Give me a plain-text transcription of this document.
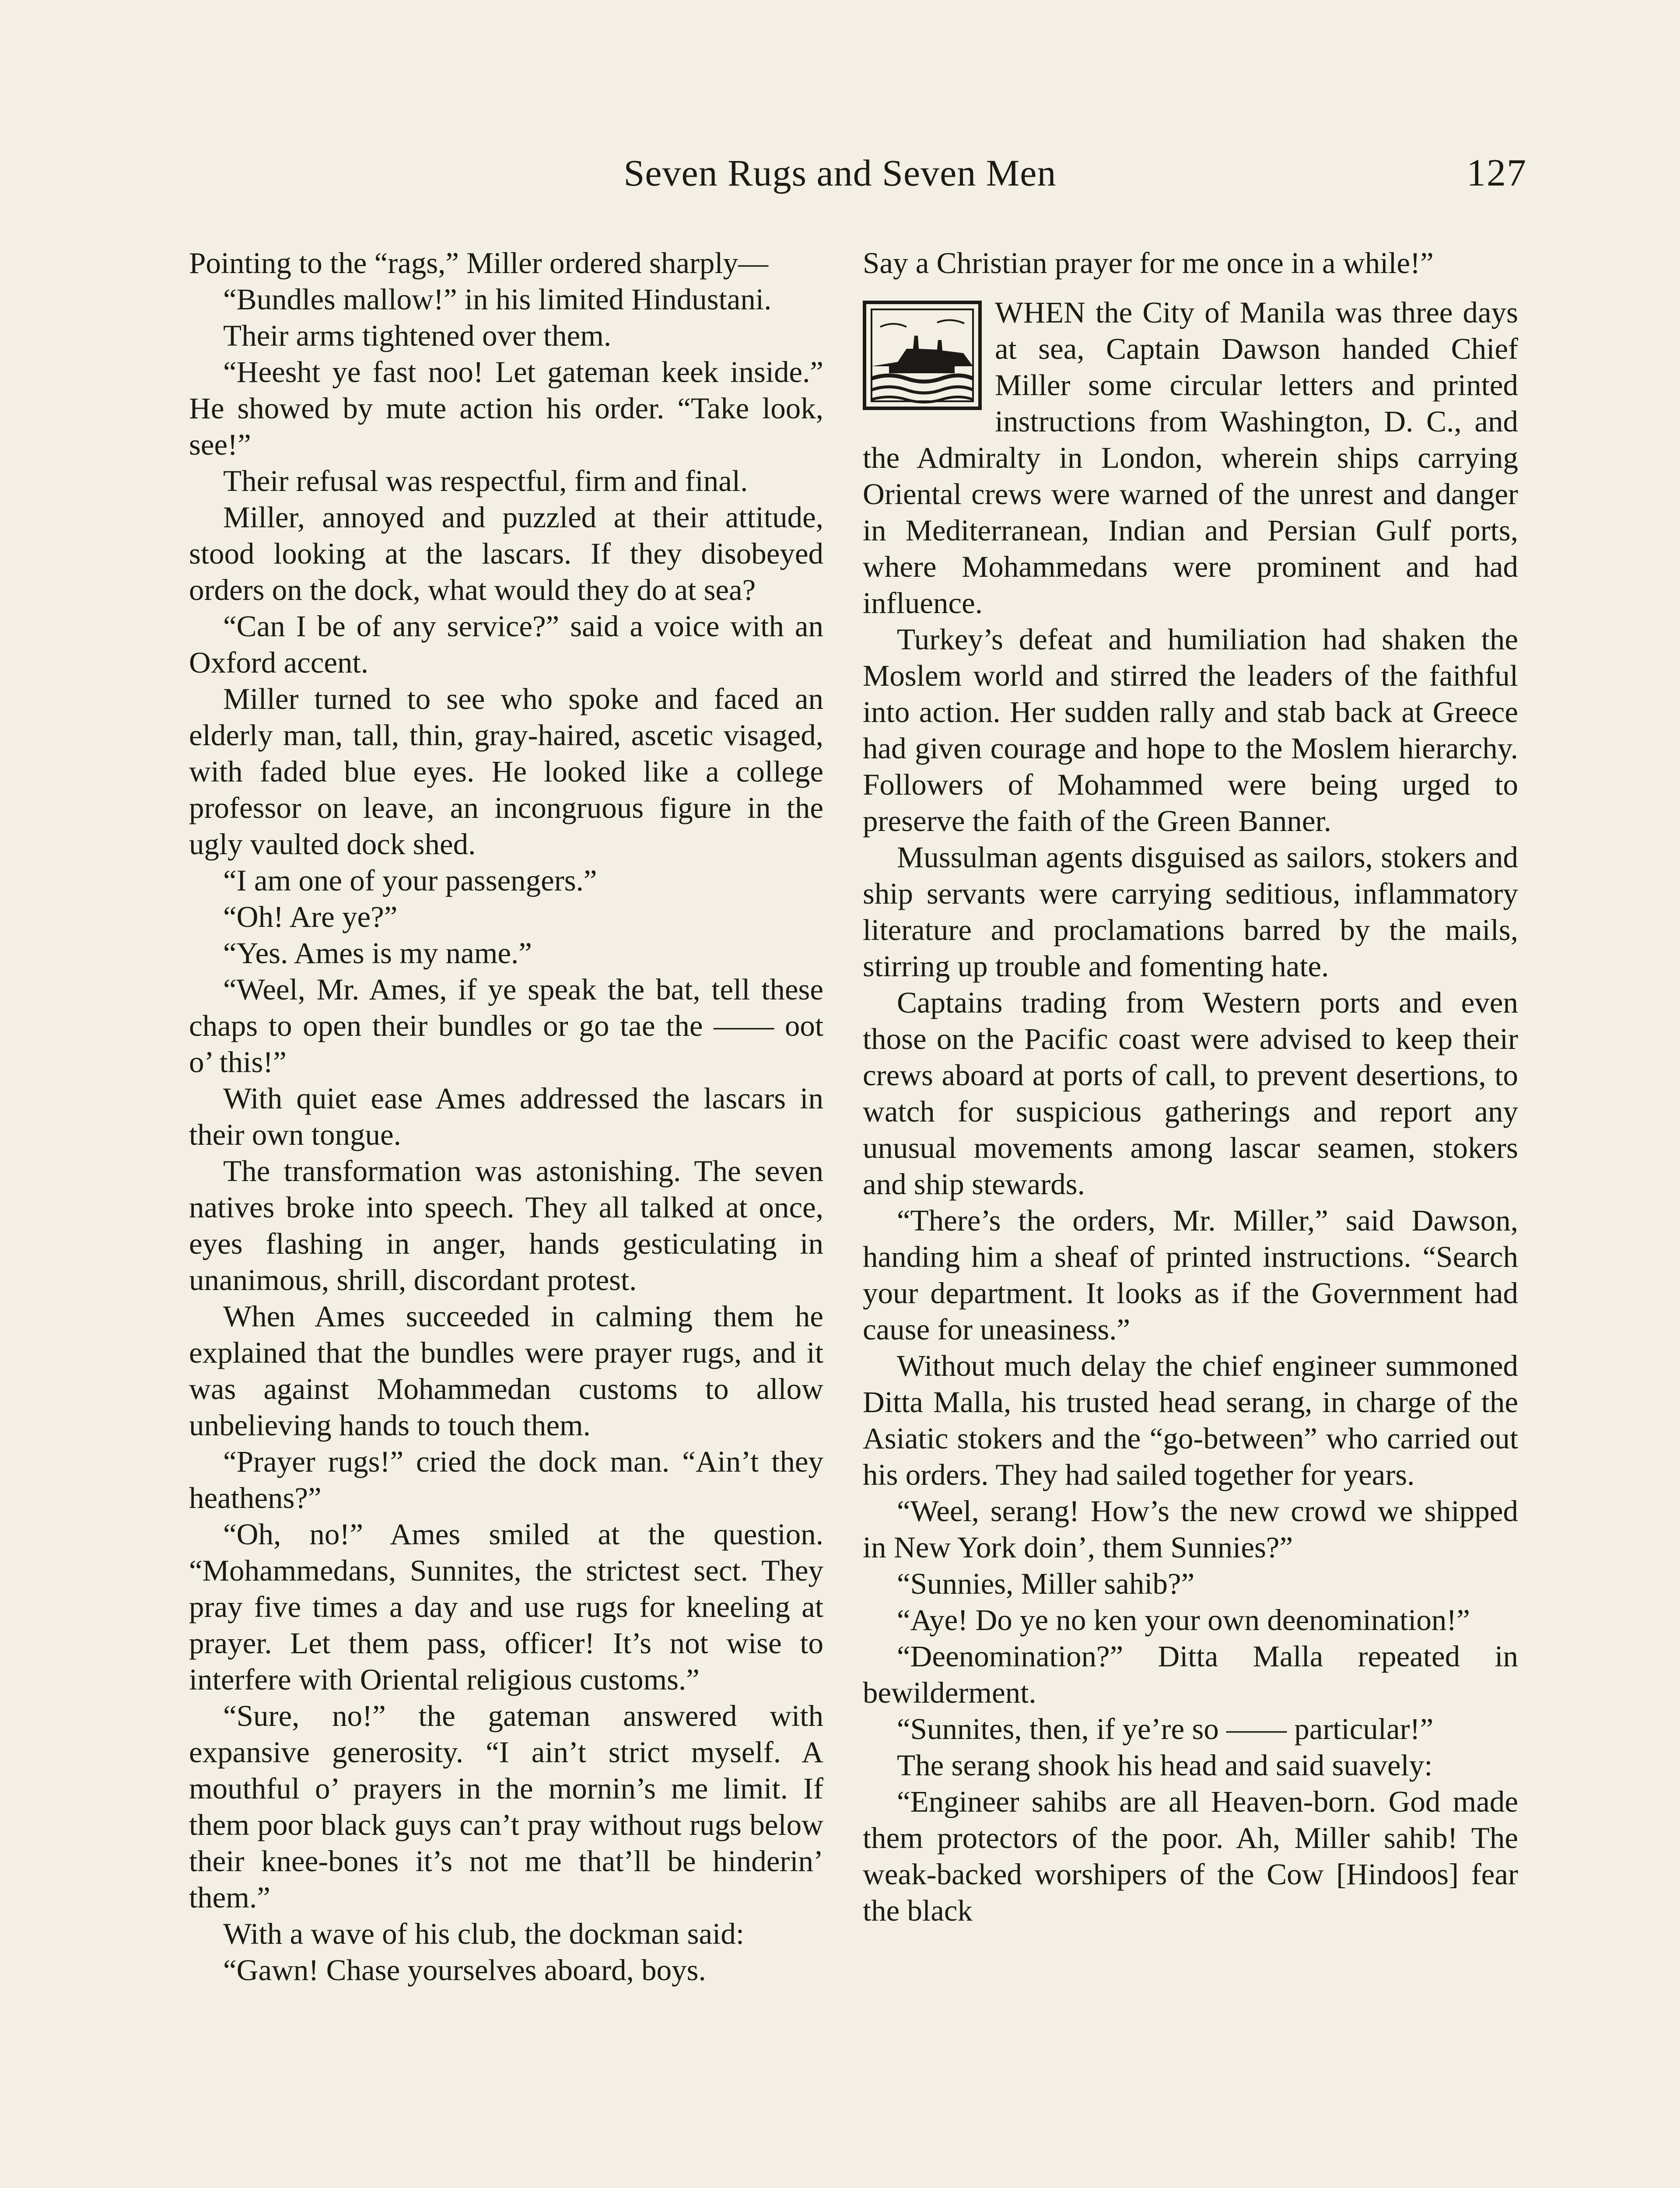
Seven Rugs and Seven Men	127

Pointing to the “rags,” Miller ordered sharply—

“Bundles mallow!” in his limited Hindustani.

Their arms tightened over them.

“Heesht ye fast noo! Let gateman keek inside.” He showed by mute action his order. “Take look, see!”

Their refusal was respectful, firm and final.

Miller, annoyed and puzzled at their attitude, stood looking at the lascars. If they disobeyed orders on the dock, what would they do at sea?

“Can I be of any service?” said a voice with an Oxford accent.

Miller turned to see who spoke and faced an elderly man, tall, thin, gray-haired, ascetic visaged, with faded blue eyes. He looked like a college professor on leave, an incongruous figure in the ugly vaulted dock shed.

“I am one of your passengers.”

“Oh! Are ye?”

“Yes. Ames is my name.”

“Weel, Mr. Ames, if ye speak the bat, tell these chaps to open their bundles or go tae the —— oot o’ this!”

With quiet ease Ames addressed the lascars in their own tongue.

The transformation was astonishing. The seven natives broke into speech. They all talked at once, eyes flashing in anger, hands gesticulating in unanimous, shrill, discordant protest.

When Ames succeeded in calming them he explained that the bundles were prayer rugs, and it was against Mohammedan customs to allow unbelieving hands to touch them.

“Prayer rugs!” cried the dock man. “Ain’t they heathens?”

“Oh, no!” Ames smiled at the question. “Mohammedans, Sunnites, the strictest sect. They pray five times a day and use rugs for kneeling at prayer. Let them pass, officer! It’s not wise to interfere with Oriental religious customs.”

“Sure, no!” the gateman answered with expansive generosity. “I ain’t strict myself. A mouthful o’ prayers in the mornin’s me limit. If them poor black guys can’t pray without rugs below their knee-bones it’s not me that’ll be hinderin’ them.”

With a wave of his club, the dockman said:

“Gawn! Chase yourselves aboard, boys.

Say a Christian prayer for me once in a while!”

WHEN the City of Manila was three days at sea, Captain Dawson handed Chief Miller some circular letters and printed instructions from Washington, D. C., and the Admiralty in London, wherein ships carrying Oriental crews were warned of the unrest and danger in Mediterranean, Indian and Persian Gulf ports, where Mohammedans were prominent and had influence.

Turkey’s defeat and humiliation had shaken the Moslem world and stirred the leaders of the faithful into action. Her sudden rally and stab back at Greece had given courage and hope to the Moslem hierarchy. Followers of Mohammed were being urged to preserve the faith of the Green Banner.

Mussulman agents disguised as sailors, stokers and ship servants were carrying seditious, inflammatory literature and proclamations barred by the mails, stirring up trouble and fomenting hate.

Captains trading from Western ports and even those on the Pacific coast were advised to keep their crews aboard at ports of call, to prevent desertions, to watch for suspicious gatherings and report any unusual movements among lascar seamen, stokers and ship stewards.

“There’s the orders, Mr. Miller,” said Dawson, handing him a sheaf of printed instructions. “Search your department. It looks as if the Government had cause for uneasiness.”

Without much delay the chief engineer summoned Ditta Malla, his trusted head serang, in charge of the Asiatic stokers and the “go-between” who carried out his orders. They had sailed together for years.

“Weel, serang! How’s the new crowd we shipped in New York doin’, them Sunnies?”

“Sunnies, Miller sahib?”

“Aye! Do ye no ken your own deenomination!”

“Deenomination?” Ditta Malla repeated in bewilderment.

“Sunnites, then, if ye’re so —— particular!”

The serang shook his head and said suavely:

“Engineer sahibs are all Heaven-born. God made them protectors of the poor. Ah, Miller sahib! The weak-backed worshipers of the Cow [Hindoos] fear the black
